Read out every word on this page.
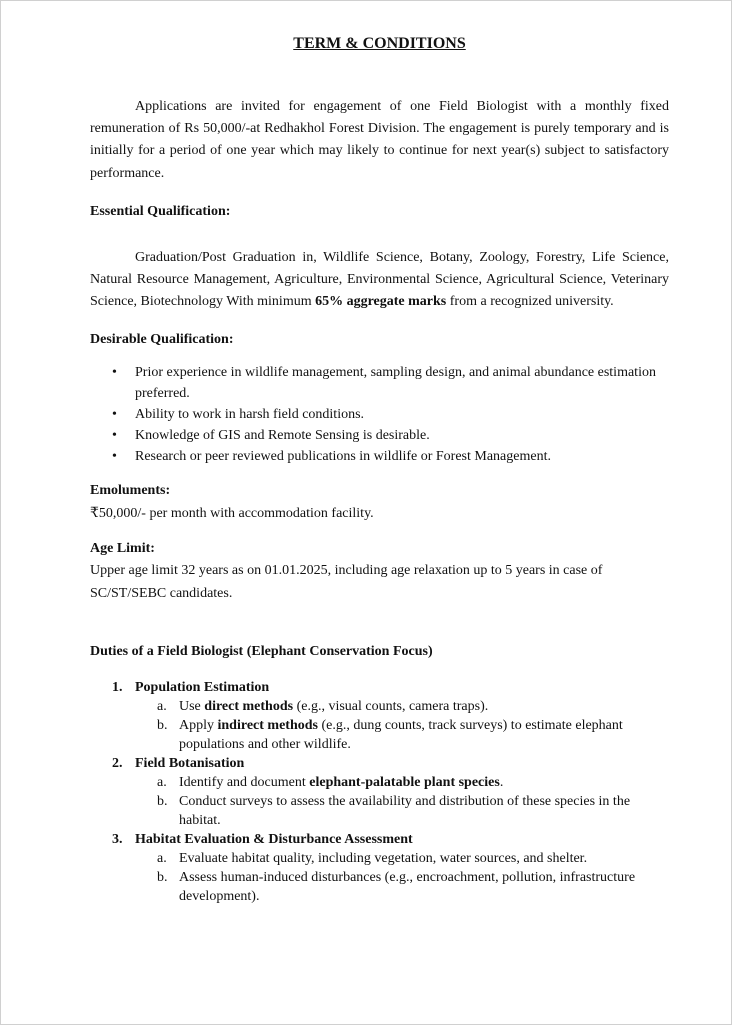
TERM & CONDITIONS

Applications are invited for engagement of one Field Biologist with a monthly fixed remuneration of Rs 50,000/-at Redhakhol Forest Division. The engagement is purely temporary and is initially for a period of one year which may likely to continue for next year(s) subject to satisfactory performance.

Essential Qualification:

Graduation/Post Graduation in, Wildlife Science, Botany, Zoology, Forestry, Life Science, Natural Resource Management, Agriculture, Environmental Science, Agricultural Science, Veterinary Science, Biotechnology With minimum 65% aggregate marks from a recognized university.

Desirable Qualification:

• Prior experience in wildlife management, sampling design, and animal abundance estimation preferred.
• Ability to work in harsh field conditions.
• Knowledge of GIS and Remote Sensing is desirable.
• Research or peer reviewed publications in wildlife or Forest Management.

Emoluments:

₹50,000/- per month with accommodation facility.

Age Limit:

Upper age limit 32 years as on 01.01.2025, including age relaxation up to 5 years in case of SC/ST/SEBC candidates.

Duties of a Field Biologist (Elephant Conservation Focus)

1. Population Estimation
a. Use direct methods (e.g., visual counts, camera traps).
b. Apply indirect methods (e.g., dung counts, track surveys) to estimate elephant populations and other wildlife.
2. Field Botanisation
a. Identify and document elephant-palatable plant species.
b. Conduct surveys to assess the availability and distribution of these species in the habitat.
3. Habitat Evaluation & Disturbance Assessment
a. Evaluate habitat quality, including vegetation, water sources, and shelter.
b. Assess human-induced disturbances (e.g., encroachment, pollution, infrastructure development).
